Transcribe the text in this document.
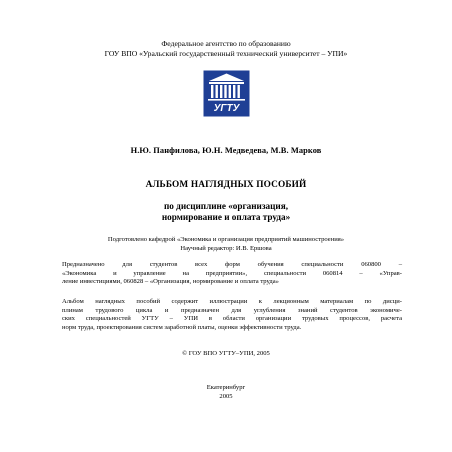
Федеральное агентство по образованию
ГОУ ВПО «Уральский государственный технический университет – УПИ»
УГТУ
Н.Ю. Панфилова, Ю.Н. Медведева, М.В. Марков
АЛЬБОМ НАГЛЯДНЫХ ПОСОБИЙ
по дисциплине «организация,
нормирование и оплата труда»
Подготовлено кафедрой «Экономика и организация предприятий машиностроения»
Научный редактор: И.В. Ершова
Предназначено для студентов всех форм обучения специальности 060800 –
«Экономика и управление на предприятии», специальности 060814 – «Управ-
ление инвестициями, 060828 – «Организация, нормирование и оплата труда»
Альбом наглядных пособий содержит иллюстрации к лекционным материалам по дисци-
плинам трудового цикла и предназначен для углубления знаний студентов экономиче-
ских специальностей УГТУ – УПИ в области организации трудовых процессов, расчета
норм труда, проектирования систем заработной платы, оценки эффективности труда.
© ГОУ ВПО УГТУ–УПИ, 2005
Екатеринбург
2005
